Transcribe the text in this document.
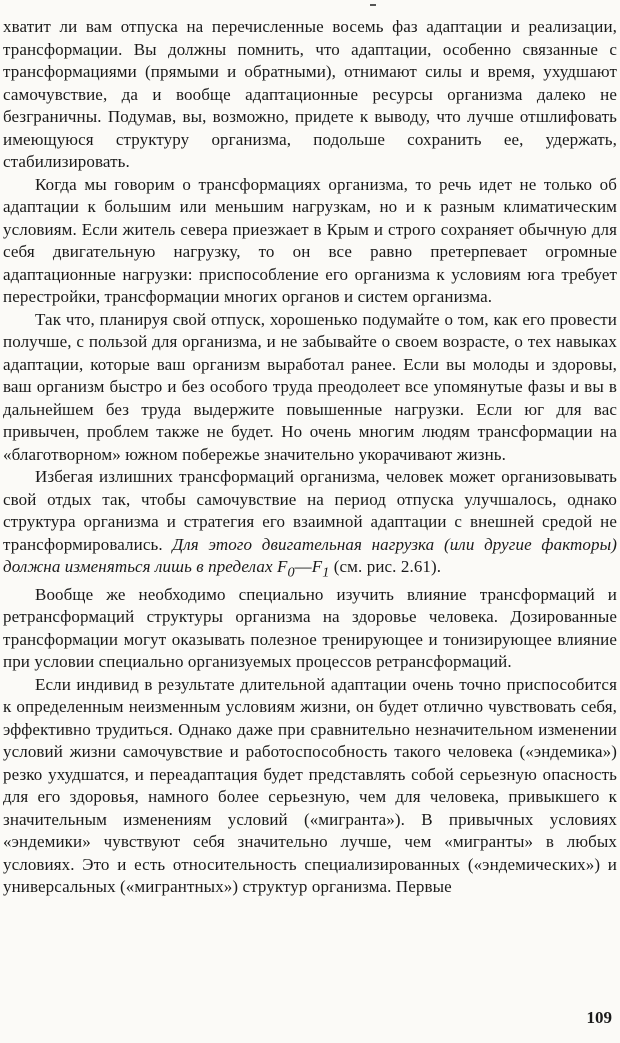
хватит ли вам отпуска на перечисленные восемь фаз адаптации и реализации, трансформации. Вы должны помнить, что адаптации, особенно связанные с трансформациями (прямыми и обратными), отнимают силы и время, ухудшают самочувствие, да и вообще адаптационные ресурсы организма далеко не безграничны. Подумав, вы, возможно, придете к выводу, что лучше отшлифовать имеющуюся структуру организма, подольше сохранить ее, удержать, стабилизировать.

Когда мы говорим о трансформациях организма, то речь идет не только об адаптации к большим или меньшим нагрузкам, но и к разным климатическим условиям. Если житель севера приезжает в Крым и строго сохраняет обычную для себя двигательную нагрузку, то он все равно претерпевает огромные адаптационные нагрузки: приспособление его организма к условиям юга требует перестройки, трансформации многих органов и систем организма.

Так что, планируя свой отпуск, хорошенько подумайте о том, как его провести получше, с пользой для организма, и не забывайте о своем возрасте, о тех навыках адаптации, которые ваш организм выработал ранее. Если вы молоды и здоровы, ваш организм быстро и без особого труда преодолеет все упомянутые фазы и вы в дальнейшем без труда выдержите повышенные нагрузки. Если юг для вас привычен, проблем также не будет. Но очень многим людям трансформации на «благотворном» южном побережье значительно укорачивают жизнь.

Избегая излишних трансформаций организма, человек может организовывать свой отдых так, чтобы самочувствие на период отпуска улучшалось, однако структура организма и стратегия его взаимной адаптации с внешней средой не трансформировались. Для этого двигательная нагрузка (или другие факторы) должна изменяться лишь в пределах $F_0—F_1$ (см. рис. 2.61).

Вообще же необходимо специально изучить влияние трансформаций и ретрансформаций структуры организма на здоровье человека. Дозированные трансформации могут оказывать полезное тренирующее и тонизирующее влияние при условии специально организуемых процессов ретрансформаций.

Если индивид в результате длительной адаптации очень точно приспособится к определенным неизменным условиям жизни, он будет отлично чувствовать себя, эффективно трудиться. Однако даже при сравнительно незначительном изменении условий жизни самочувствие и работоспособность такого человека («эндемика») резко ухудшатся, и переадаптация будет представлять собой серьезную опасность для его здоровья, намного более серьезную, чем для человека, привыкшего к значительным изменениям условий («мигранта»). В привычных условиях «эндемики» чувствуют себя значительно лучше, чем «мигранты» в любых условиях. Это и есть относительность специализированных («эндемических») и универсальных («мигрантных») структур организма. Первые

109
